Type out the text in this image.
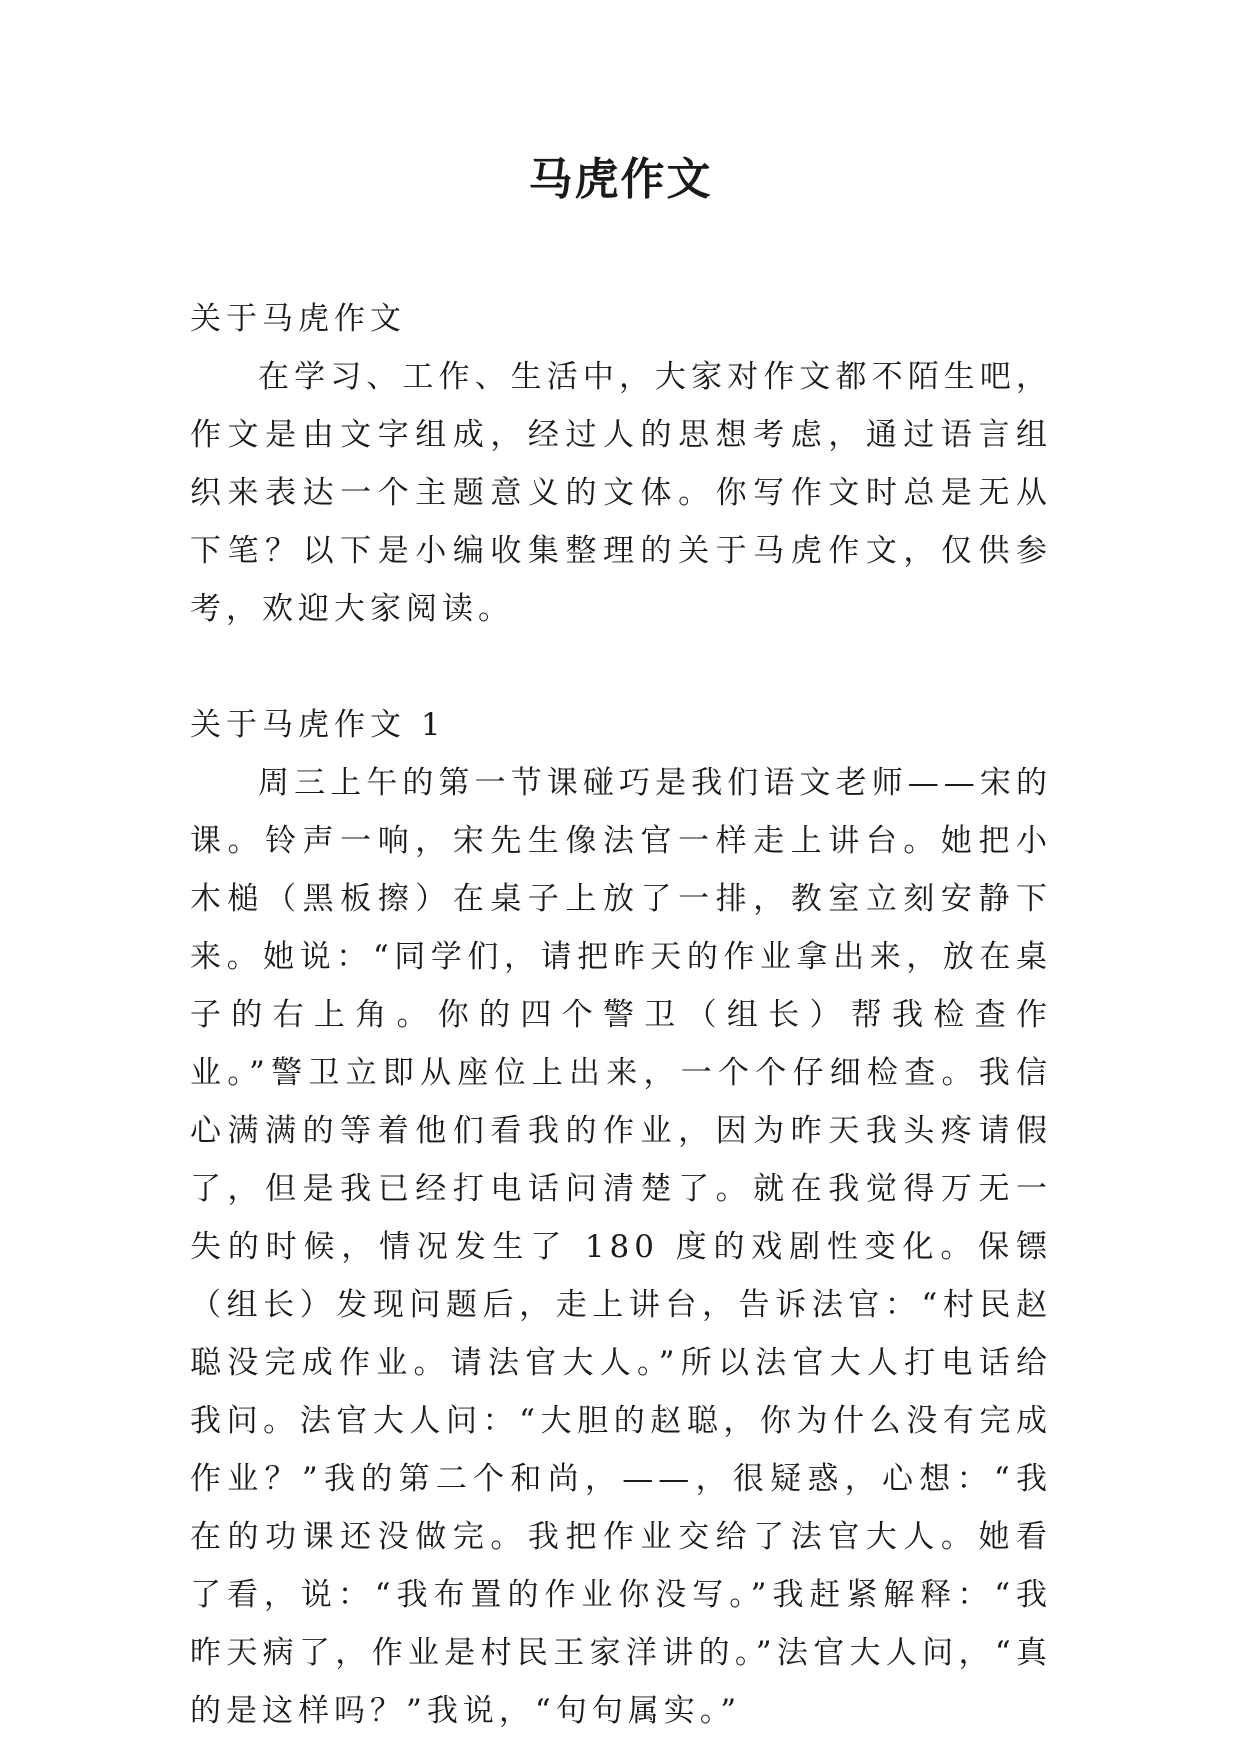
马虎作文

关于马虎作文

在学习、工作、生活中，大家对作文都不陌生吧，作文是由文字组成，经过人的思想考虑，通过语言组织来表达一个主题意义的文体。你写作文时总是无从下笔？以下是小编收集整理的关于马虎作文，仅供参考，欢迎大家阅读。

关于马虎作文 1

周三上午的第一节课碰巧是我们语文老师——宋的课。铃声一响，宋先生像法官一样走上讲台。她把小木槌（黑板擦）在桌子上放了一排，教室立刻安静下来。她说：“同学们，请把昨天的作业拿出来，放在桌子的右上角。你的四个警卫（组长）帮我检查作业。”警卫立即从座位上出来，一个个仔细检查。我信心满满的等着他们看我的作业，因为昨天我头疼请假了，但是我已经打电话问清楚了。就在我觉得万无一失的时候，情况发生了 180 度的戏剧性变化。保镖（组长）发现问题后，走上讲台，告诉法官：“村民赵聪没完成作业。请法官大人。”所以法官大人打电话给我问。法官大人问：“大胆的赵聪，你为什么没有完成作业？”我的第二个和尚，——，很疑惑，心想：“我在的功课还没做完。我把作业交给了法官大人。她看了看，说：“我布置的作业你没写。”我赶紧解释：“我昨天病了，作业是村民王家洋讲的。”法官大人问，“真的是这样吗？”我说，“句句属实。”
